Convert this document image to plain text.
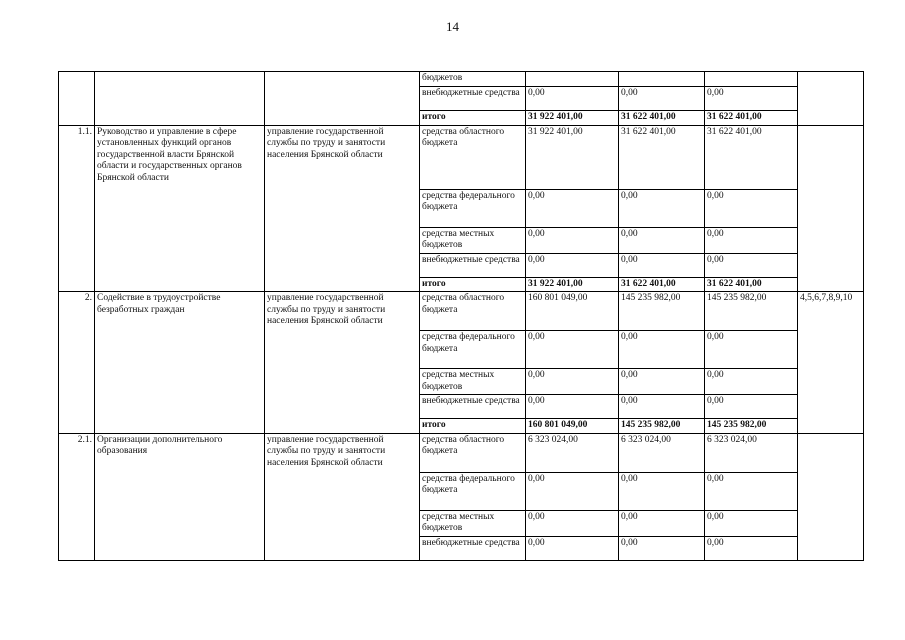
14
			бюджетов				
			внебюджетные средства	0,00	0,00	0,00	
			итого	31 922 401,00	31 622 401,00	31 622 401,00	
1.1.	Руководство и управление в сфере установленных функций органов государственной власти Брянской области и государственных органов Брянской области	управление государственной службы по труду и занятости населения Брянской области	средства областного бюджета	31 922 401,00	31 622 401,00	31 622 401,00	
			средства федерального бюджета	0,00	0,00	0,00	
			средства местных бюджетов	0,00	0,00	0,00	
			внебюджетные средства	0,00	0,00	0,00	
			итого	31 922 401,00	31 622 401,00	31 622 401,00	
2.	Содействие в трудоустройстве безработных граждан	управление государственной службы по труду и занятости населения Брянской области	средства областного бюджета	160 801 049,00	145 235 982,00	145 235 982,00	4,5,6,7,8,9,10
			средства федерального бюджета	0,00	0,00	0,00	
			средства местных бюджетов	0,00	0,00	0,00	
			внебюджетные средства	0,00	0,00	0,00	
			итого	160 801 049,00	145 235 982,00	145 235 982,00	
2.1.	Организации дополнительного образования	управление государственной службы по труду и занятости населения Брянской области	средства областного бюджета	6 323 024,00	6 323 024,00	6 323 024,00	
			средства федерального бюджета	0,00	0,00	0,00	
			средства местных бюджетов	0,00	0,00	0,00	
			внебюджетные средства	0,00	0,00	0,00	
